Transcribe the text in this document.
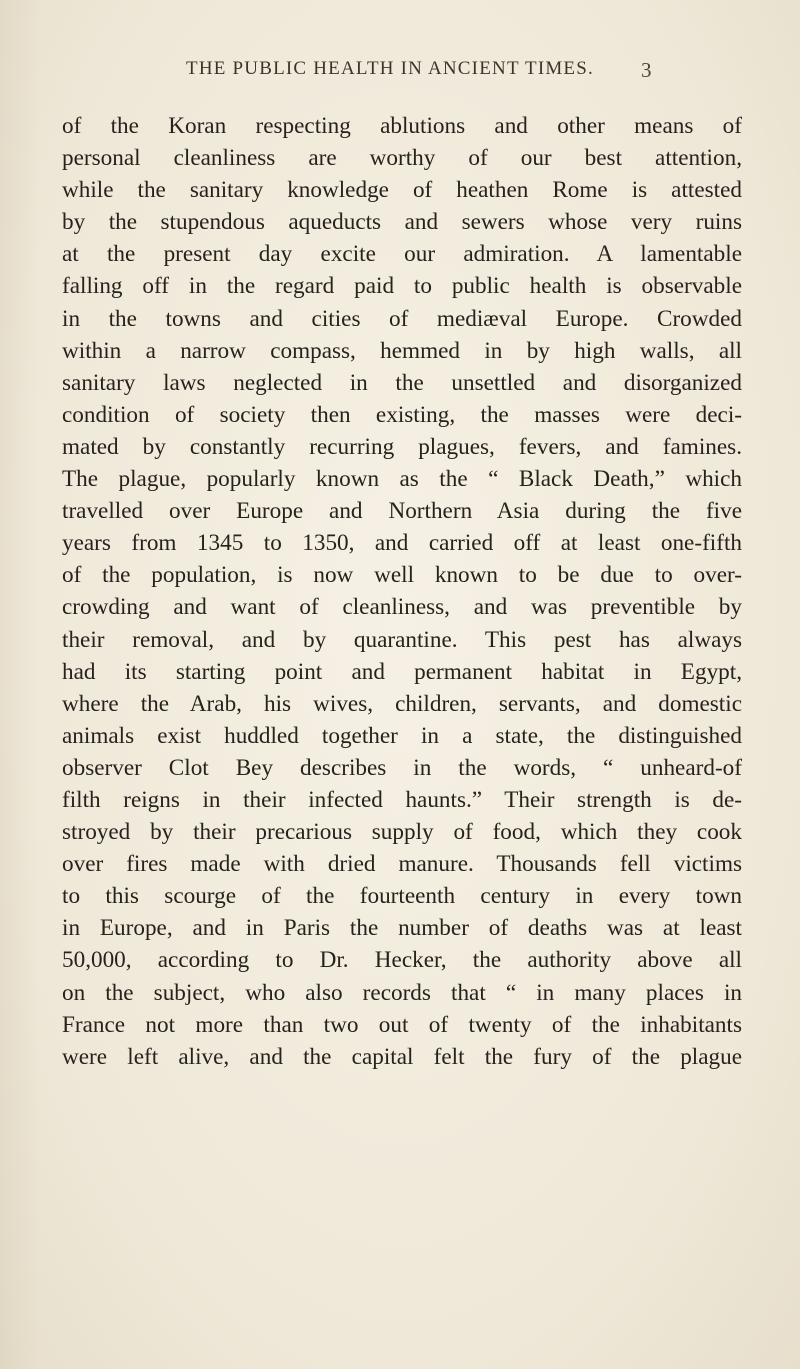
THE PUBLIC HEALTH IN ANCIENT TIMES.	3
of the Koran respecting ablutions and other means of
personal cleanliness are worthy of our best attention,
while the sanitary knowledge of heathen Rome is attested
by the stupendous aqueducts and sewers whose very ruins
at the present day excite our admiration. A lamentable
falling off in the regard paid to public health is observable
in the towns and cities of mediæval Europe. Crowded
within a narrow compass, hemmed in by high walls, all
sanitary laws neglected in the unsettled and disorganized
condition of society then existing, the masses were deci-
mated by constantly recurring plagues, fevers, and famines.
The plague, popularly known as the “ Black Death,” which
travelled over Europe and Northern Asia during the five
years from 1345 to 1350, and carried off at least one-fifth
of the population, is now well known to be due to over-
crowding and want of cleanliness, and was preventible by
their removal, and by quarantine. This pest has always
had its starting point and permanent habitat in Egypt,
where the Arab, his wives, children, servants, and domestic
animals exist huddled together in a state, the distinguished
observer Clot Bey describes in the words, “ unheard-of
filth reigns in their infected haunts.” Their strength is de-
stroyed by their precarious supply of food, which they cook
over fires made with dried manure. Thousands fell victims
to this scourge of the fourteenth century in every town
in Europe, and in Paris the number of deaths was at least
50,000, according to Dr. Hecker, the authority above all
on the subject, who also records that “ in many places in
France not more than two out of twenty of the inhabitants
were left alive, and the capital felt the fury of the plague
